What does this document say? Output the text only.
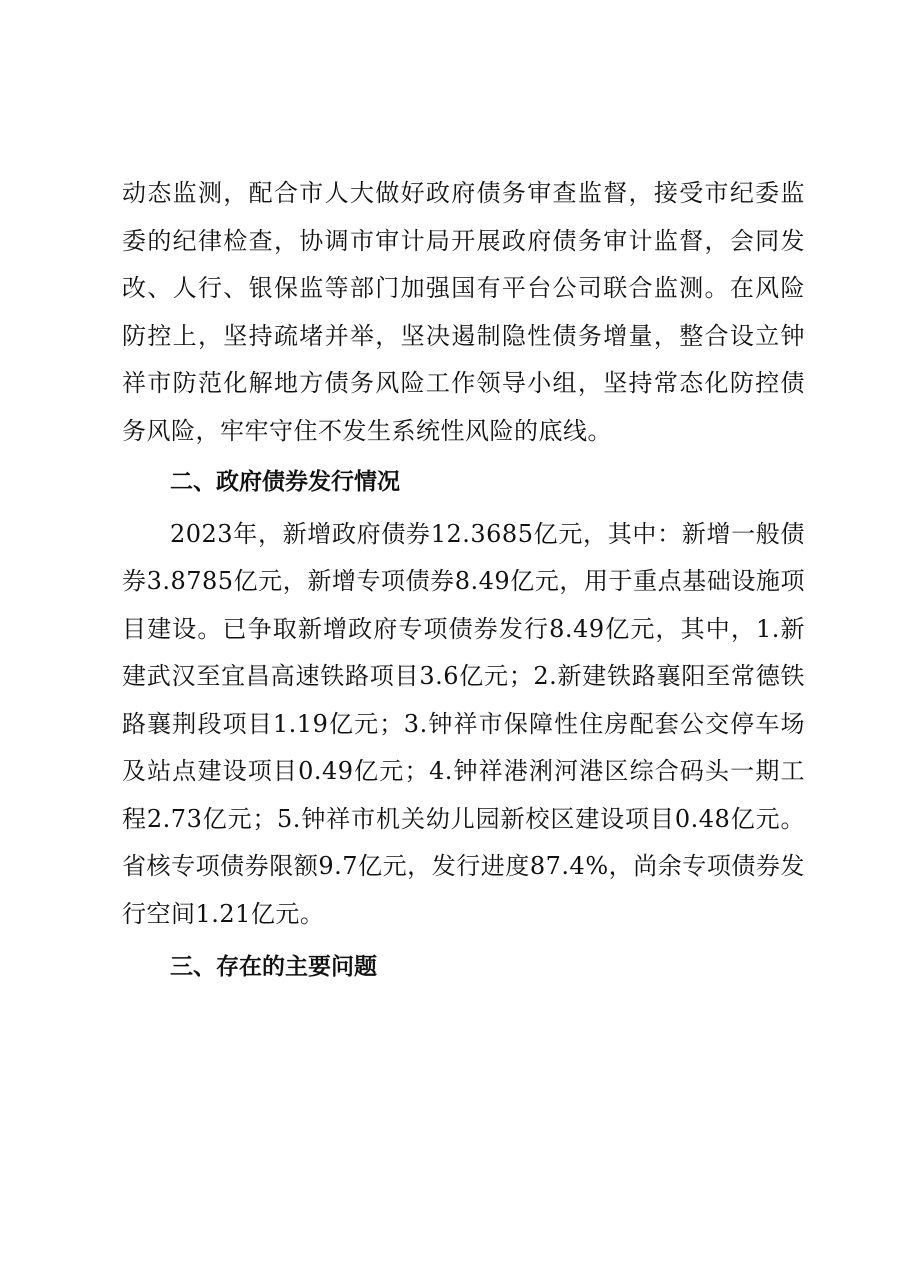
动态监测，配合市人大做好政府债务审查监督，接受市纪委监委的纪律检查，协调市审计局开展政府债务审计监督，会同发改、人行、银保监等部门加强国有平台公司联合监测。在风险防控上，坚持疏堵并举，坚决遏制隐性债务增量，整合设立钟祥市防范化解地方债务风险工作领导小组，坚持常态化防控债务风险，牢牢守住不发生系统性风险的底线。

二、政府债券发行情况

2023年，新增政府债券12.3685亿元，其中：新增一般债券3.8785亿元，新增专项债券8.49亿元，用于重点基础设施项目建设。已争取新增政府专项债券发行8.49亿元，其中，1.新建武汉至宜昌高速铁路项目3.6亿元；2.新建铁路襄阳至常德铁路襄荆段项目1.19亿元；3.钟祥市保障性住房配套公交停车场及站点建设项目0.49亿元；4.钟祥港浰河港区综合码头一期工程2.73亿元；5.钟祥市机关幼儿园新校区建设项目0.48亿元。省核专项债券限额9.7亿元，发行进度87.4%，尚余专项债券发行空间1.21亿元。

三、存在的主要问题
